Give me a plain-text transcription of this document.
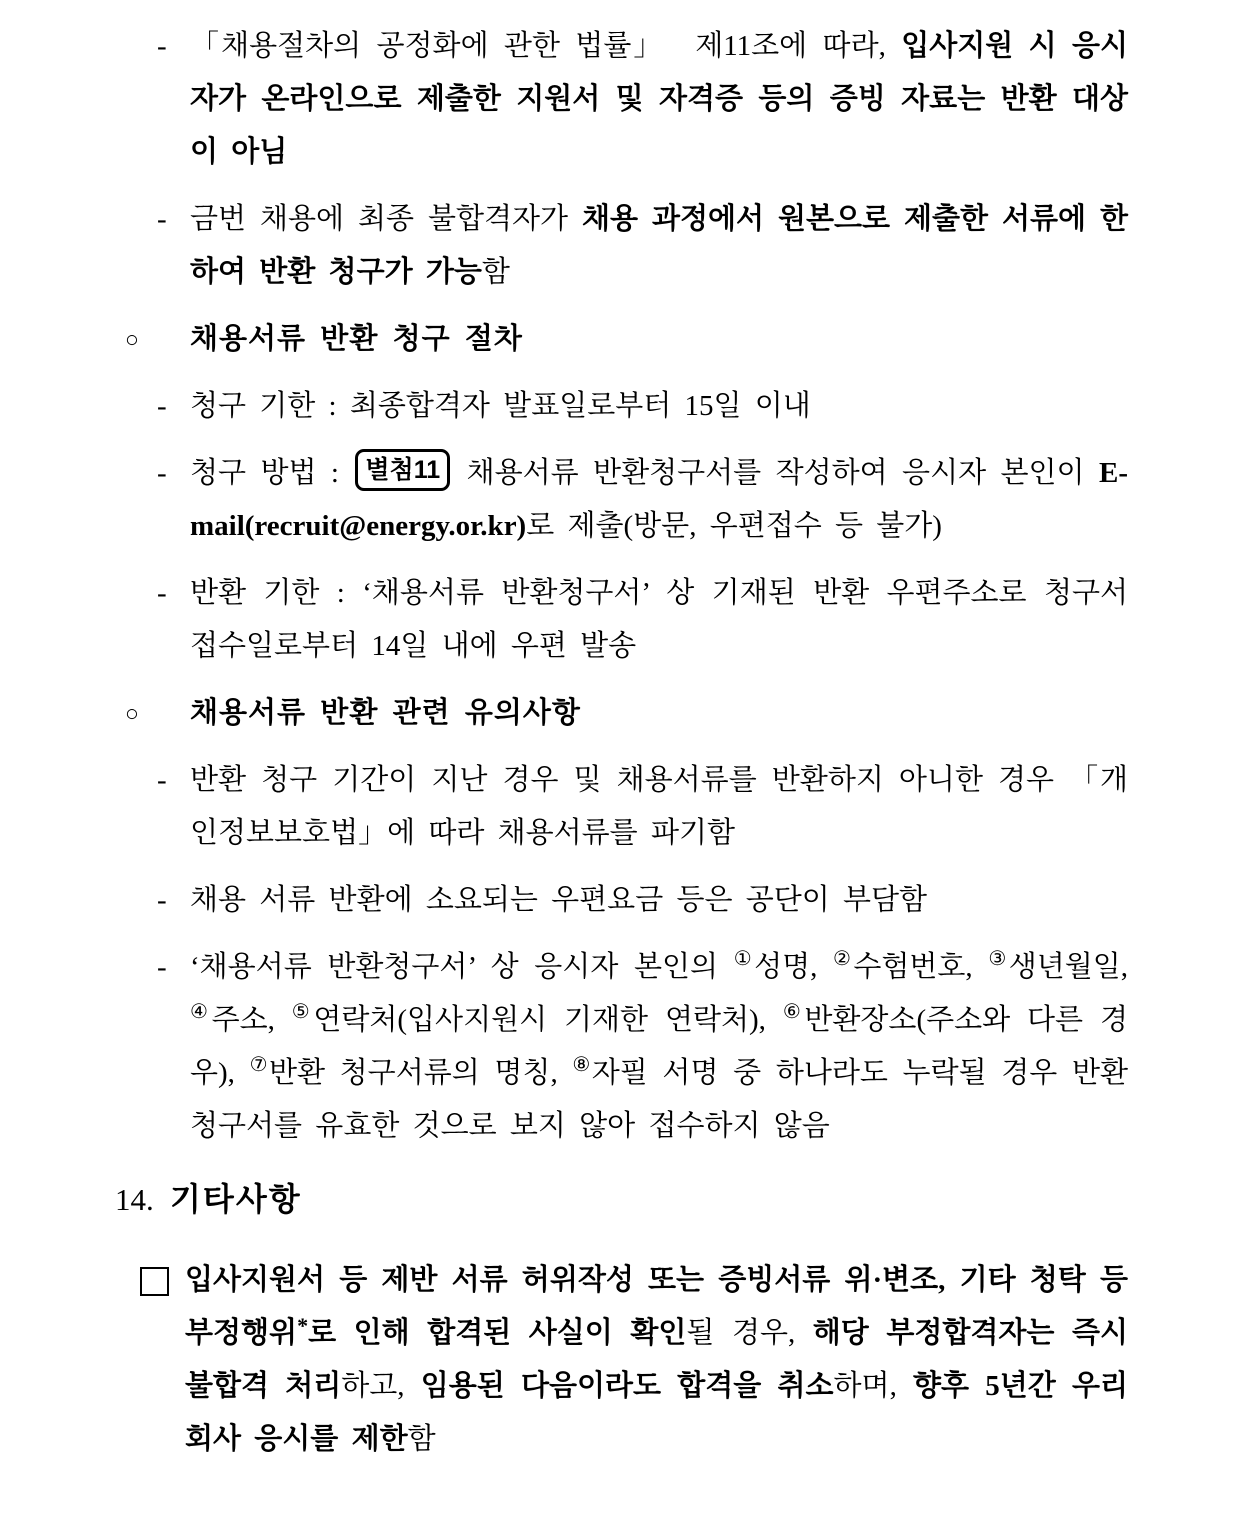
- 「채용절차의 공정화에 관한 법률」  제11조에 따라, 입사지원 시 응시자가 온라인으로 제출한 지원서 및 자격증 등의 증빙 자료는 반환 대상이 아님
- 금번 채용에 최종 불합격자가 채용 과정에서 원본으로 제출한 서류에 한하여 반환 청구가 가능함
○	채용서류 반환 청구 절차
- 청구 기한 : 최종합격자 발표일로부터 15일 이내
- 청구 방법 : 별첨11 채용서류 반환청구서를 작성하여 응시자 본인이 E-mail(recruit@energy.or.kr)로 제출(방문, 우편접수 등 불가)
- 반환 기한 : ‘채용서류 반환청구서’ 상 기재된 반환 우편주소로 청구서 접수일로부터 14일 내에 우편 발송
○	채용서류 반환 관련 유의사항
- 반환 청구 기간이 지난 경우 및 채용서류를 반환하지 아니한 경우 「개인정보보호법」에 따라 채용서류를 파기함
- 채용 서류 반환에 소요되는 우편요금 등은 공단이 부담함
- ‘채용서류 반환청구서’ 상 응시자 본인의 ①성명, ②수험번호, ③생년월일, ④주소, ⑤연락처(입사지원시 기재한 연락처), ⑥반환장소(주소와 다른 경우), ⑦반환 청구서류의 명칭, ⑧자필 서명 중 하나라도 누락될 경우 반환 청구서를 유효한 것으로 보지 않아 접수하지 않음
14. 기타사항
입사지원서 등 제반 서류 허위작성 또는 증빙서류 위·변조, 기타 청탁 등 부정행위*로 인해 합격된 사실이 확인될 경우, 해당 부정합격자는 즉시 불합격 처리하고, 임용된 다음이라도 합격을 취소하며, 향후 5년간 우리 회사 응시를 제한함
